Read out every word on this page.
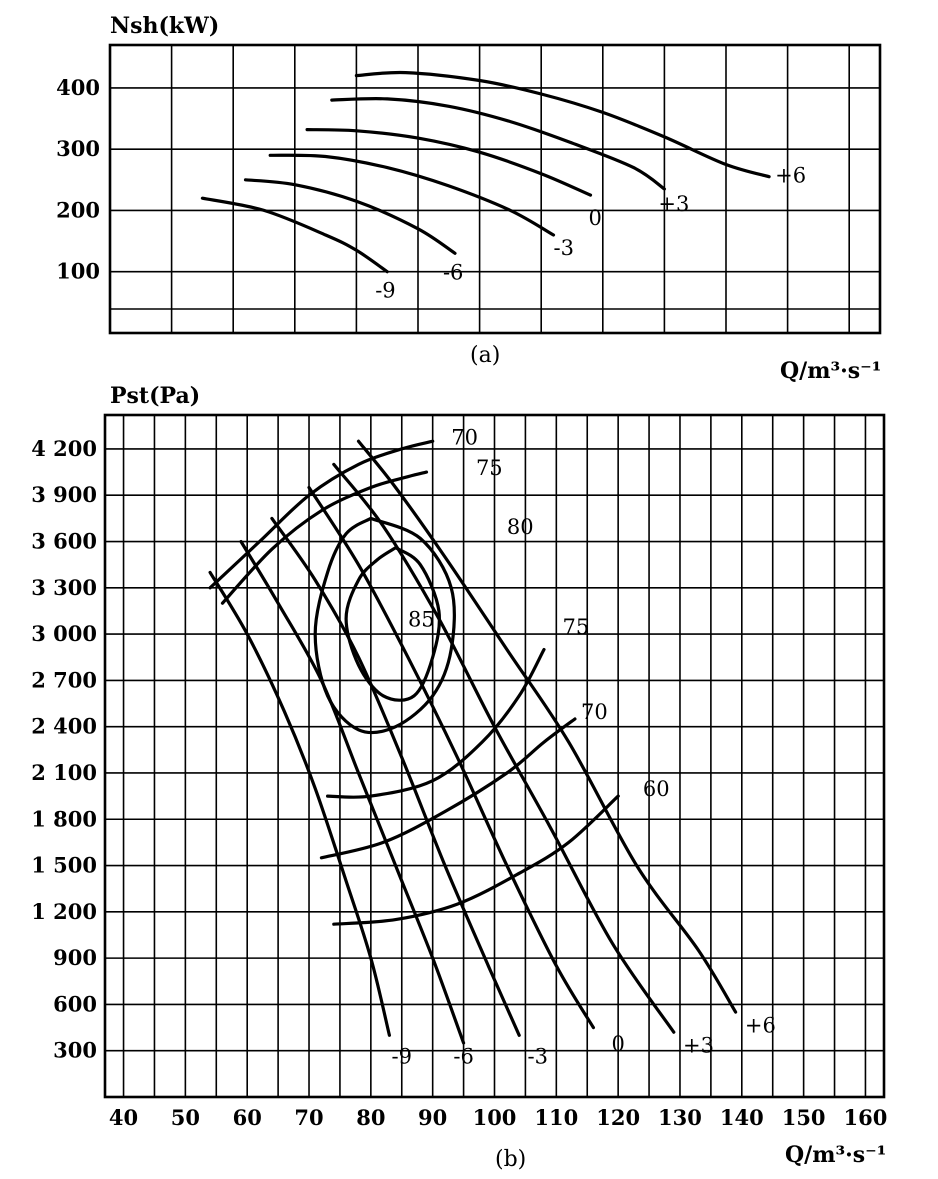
Nsh(kW)
400
300
200
100
-9
-6
-3
0
+3
+6
(a)
Q/m³·s⁻¹
Pst(Pa)
4 200
3 900
3 600
3 300
3 000
2 700
2 400
2 100
1 800
1 500
1 200
900
600
300
40 50 60 70 80 90 100 110 120 130 140 150 160
70
75
80
85	75
70
60
-9 -6	-3
0	+3
+6
(b)	Q/m³·s⁻¹
